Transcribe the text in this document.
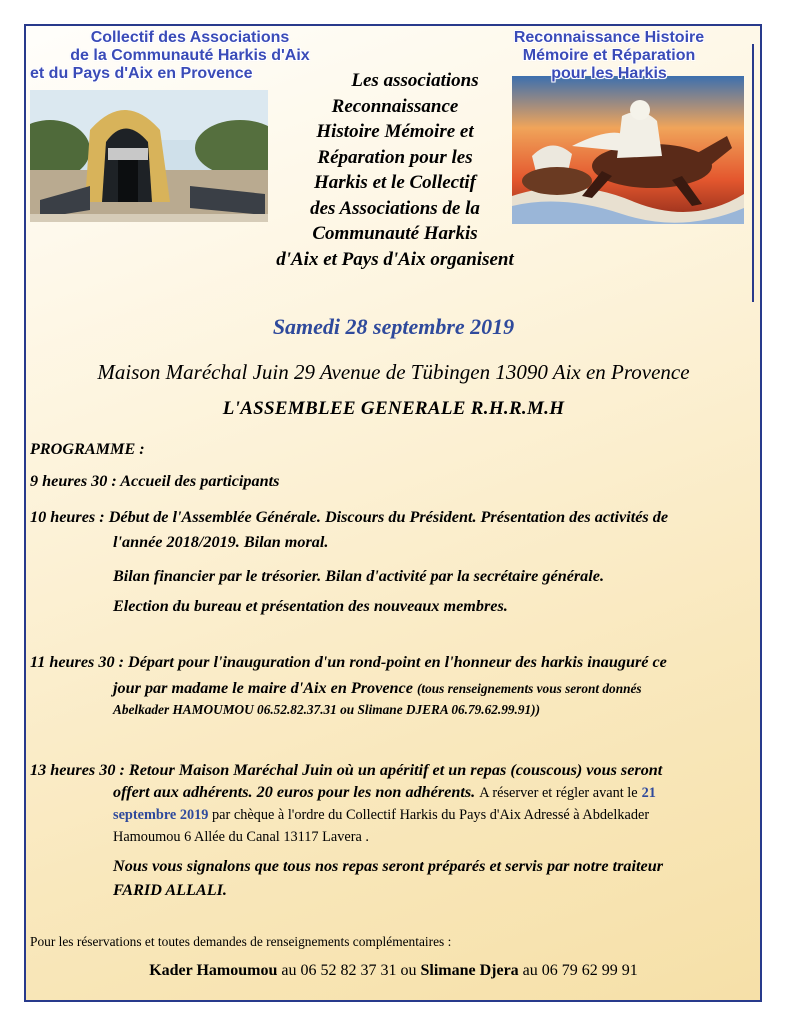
Collectif des Associations
de la Communauté Harkis d'Aix
et du Pays d'Aix en Provence
Reconnaissance Histoire
Mémoire et Réparation
pour les Harkis
Les associations
Reconnaissance
Histoire Mémoire et
Réparation pour les
Harkis et le Collectif
des Associations de la
Communauté Harkis
d'Aix et Pays d'Aix organisent
Samedi 28 septembre 2019
Maison Maréchal Juin 29 Avenue de Tübingen 13090 Aix en Provence
L'ASSEMBLEE GENERALE R.H.R.M.H
PROGRAMME :
9 heures 30 : Accueil des participants
10 heures : Début de l'Assemblée Générale. Discours du Président. Présentation des activités de
l'année 2018/2019. Bilan moral.
Bilan financier par le trésorier. Bilan d'activité par la secrétaire générale.
Election du bureau et présentation des nouveaux membres.
11 heures 30 : Départ pour l'inauguration d'un rond-point en l'honneur des harkis inauguré ce
jour par madame le maire d'Aix en Provence (tous renseignements vous seront donnés
Abelkader HAMOUMOU 06.52.82.37.31 ou Slimane DJERA 06.79.62.99.91))
13 heures 30 : Retour Maison Maréchal Juin où un apéritif et un repas (couscous) vous seront
offert aux adhérents. 20 euros pour les non adhérents. A réserver et régler avant le 21
septembre 2019 par chèque à l'ordre du Collectif Harkis du Pays d'Aix Adressé à Abdelkader
Hamoumou 6 Allée du Canal 13117 Lavera .
Nous vous signalons que tous nos repas seront préparés et servis par notre traiteur
FARID ALLALI.
Pour les réservations et toutes demandes de renseignements complémentaires :
Kader Hamoumou au 06 52 82 37 31 ou Slimane Djera au 06 79 62 99 91
